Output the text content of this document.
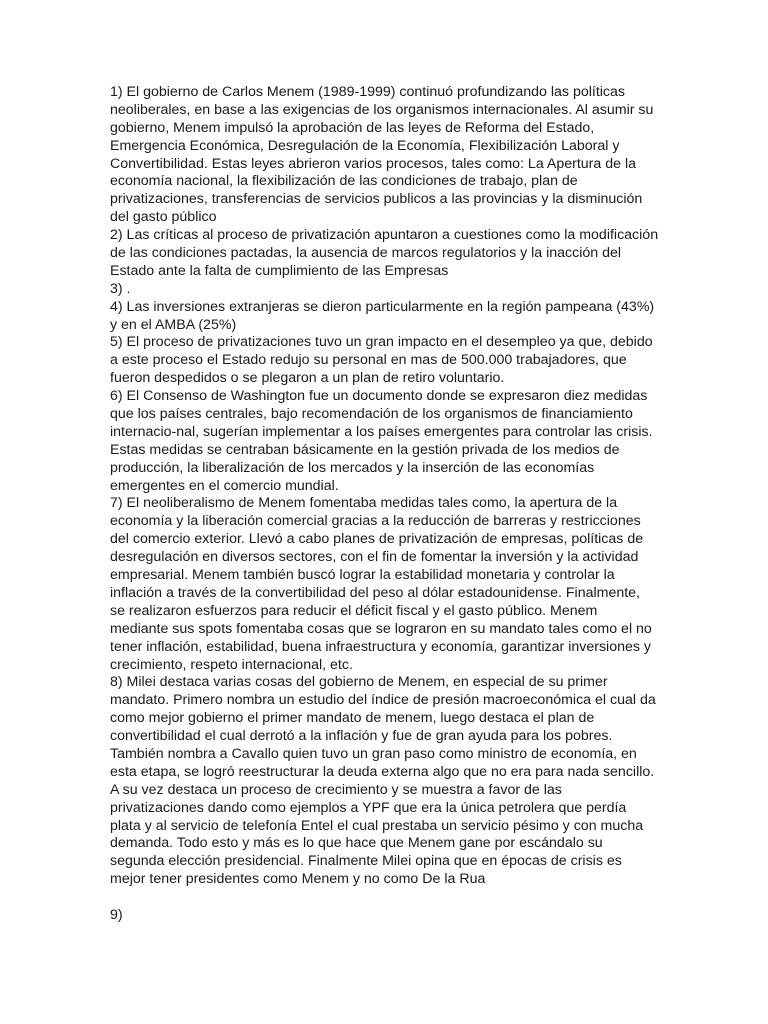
1) El gobierno de Carlos Menem (1989-1999) continuó profundizando las políticas
neoliberales, en base a las exigencias de los organismos internacionales. Al asumir su
gobierno, Menem impulsó la aprobación de las leyes de Reforma del Estado,
Emergencia Económica, Desregulación de la Economía, Flexibilización Laboral y
Convertibilidad. Estas leyes abrieron varios procesos, tales como: La Apertura de la
economía nacional, la flexibilización de las condiciones de trabajo, plan de
privatizaciones, transferencias de servicios publicos a las provincias y la disminución
del gasto público
2) Las críticas al proceso de privatización apuntaron a cuestiones como la modificación
de las condiciones pactadas, la ausencia de marcos regulatorios y la inacción del
Estado ante la falta de cumplimiento de las Empresas
3) .
4) Las inversiones extranjeras se dieron particularmente en la región pampeana (43%)
y en el AMBA (25%)
5) El proceso de privatizaciones tuvo un gran impacto en el desempleo ya que, debido
a este proceso el Estado redujo su personal en mas de 500.000 trabajadores, que
fueron despedidos o se plegaron a un plan de retiro voluntario.
6) El Consenso de Washington fue un documento donde se expresaron diez medidas
que los países centrales, bajo recomendación de los organismos de financiamiento
internacio-nal, sugerían implementar a los países emergentes para controlar las crisis.
Estas medidas se centraban básicamente en la gestión privada de los medios de
producción, la liberalización de los mercados y la inserción de las economías
emergentes en el comercio mundial.
7) El neoliberalismo de Menem fomentaba medidas tales como, la apertura de la
economía y la liberación comercial gracias a la reducción de barreras y restricciones
del comercio exterior. Llevó a cabo planes de privatización de empresas, políticas de
desregulación en diversos sectores, con el fin de fomentar la inversión y la actividad
empresarial. Menem también buscó lograr la estabilidad monetaria y controlar la
inflación a través de la convertibilidad del peso al dólar estadounidense. Finalmente,
se realizaron esfuerzos para reducir el déficit fiscal y el gasto público. Menem
mediante sus spots fomentaba cosas que se lograron en su mandato tales como el no
tener inflación, estabilidad, buena infraestructura y economía, garantizar inversiones y
crecimiento, respeto internacional, etc.
8) Milei destaca varias cosas del gobierno de Menem, en especial de su primer
mandato. Primero nombra un estudio del índice de presión macroeconómica el cual da
como mejor gobierno el primer mandato de menem, luego destaca el plan de
convertibilidad el cual derrotó a la inflación y fue de gran ayuda para los pobres.
También nombra a Cavallo quien tuvo un gran paso como ministro de economía, en
esta etapa, se logró reestructurar la deuda externa algo que no era para nada sencillo.
A su vez destaca un proceso de crecimiento y se muestra a favor de las
privatizaciones dando como ejemplos a YPF que era la única petrolera que perdía
plata y al servicio de telefonía Entel el cual prestaba un servicio pésimo y con mucha
demanda. Todo esto y más es lo que hace que Menem gane por escándalo su
segunda elección presidencial. Finalmente Milei opina que en épocas de crisis es
mejor tener presidentes como Menem y no como De la Rua
9)
